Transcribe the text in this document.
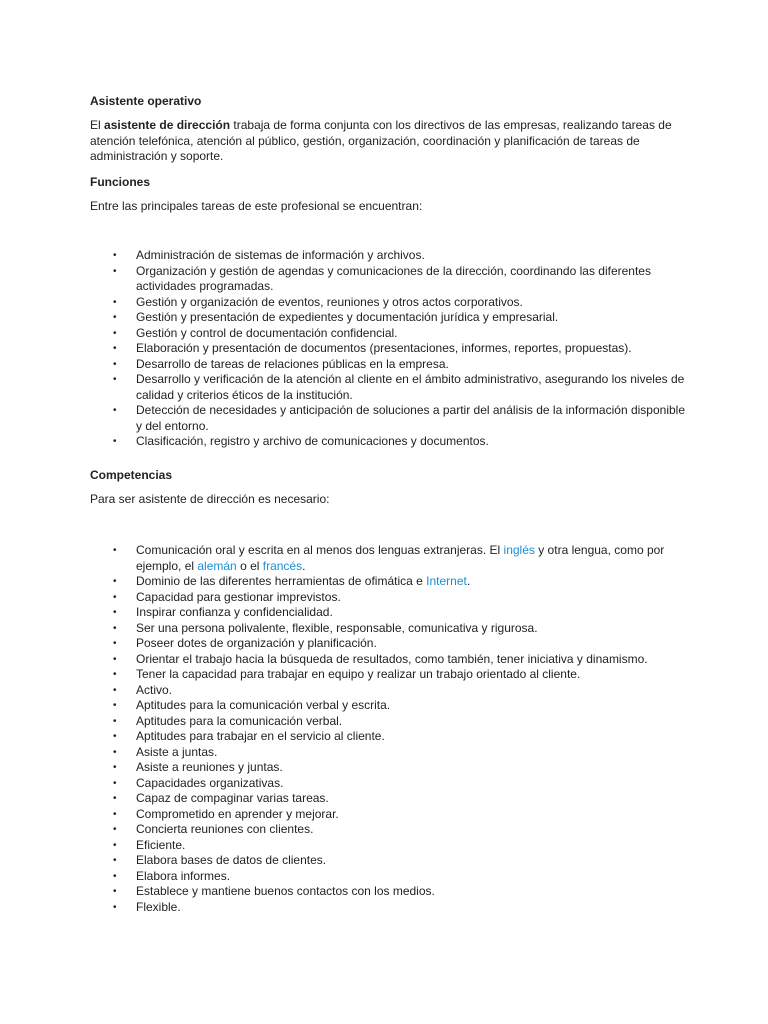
Asistente operativo

El asistente de dirección trabaja de forma conjunta con los directivos de las empresas, realizando tareas de atención telefónica, atención al público, gestión, organización, coordinación y planificación de tareas de administración y soporte.

Funciones

Entre las principales tareas de este profesional se encuentran:

• Administración de sistemas de información y archivos.
• Organización y gestión de agendas y comunicaciones de la dirección, coordinando las diferentes actividades programadas.
• Gestión y organización de eventos, reuniones y otros actos corporativos.
• Gestión y presentación de expedientes y documentación jurídica y empresarial.
• Gestión y control de documentación confidencial.
• Elaboración y presentación de documentos (presentaciones, informes, reportes, propuestas).
• Desarrollo de tareas de relaciones públicas en la empresa.
• Desarrollo y verificación de la atención al cliente en el ámbito administrativo, asegurando los niveles de calidad y criterios éticos de la institución.
• Detección de necesidades y anticipación de soluciones a partir del análisis de la información disponible y del entorno.
• Clasificación, registro y archivo de comunicaciones y documentos.
Competencias

Para ser asistente de dirección es necesario:

• Comunicación oral y escrita en al menos dos lenguas extranjeras. El inglés y otra lengua, como por ejemplo, el alemán o el francés.
• Dominio de las diferentes herramientas de ofimática e Internet.
• Capacidad para gestionar imprevistos.
• Inspirar confianza y confidencialidad.
• Ser una persona polivalente, flexible, responsable, comunicativa y rigurosa.
• Poseer dotes de organización y planificación.
• Orientar el trabajo hacia la búsqueda de resultados, como también, tener iniciativa y dinamismo.
• Tener la capacidad para trabajar en equipo y realizar un trabajo orientado al cliente.
• Activo.
• Aptitudes para la comunicación verbal y escrita.
• Aptitudes para la comunicación verbal.
• Aptitudes para trabajar en el servicio al cliente.
• Asiste a juntas.
• Asiste a reuniones y juntas.
• Capacidades organizativas.
• Capaz de compaginar varias tareas.
• Comprometido en aprender y mejorar.
• Concierta reuniones con clientes.
• Eficiente.
• Elabora bases de datos de clientes.
• Elabora informes.
• Establece y mantiene buenos contactos con los medios.
• Flexible.
